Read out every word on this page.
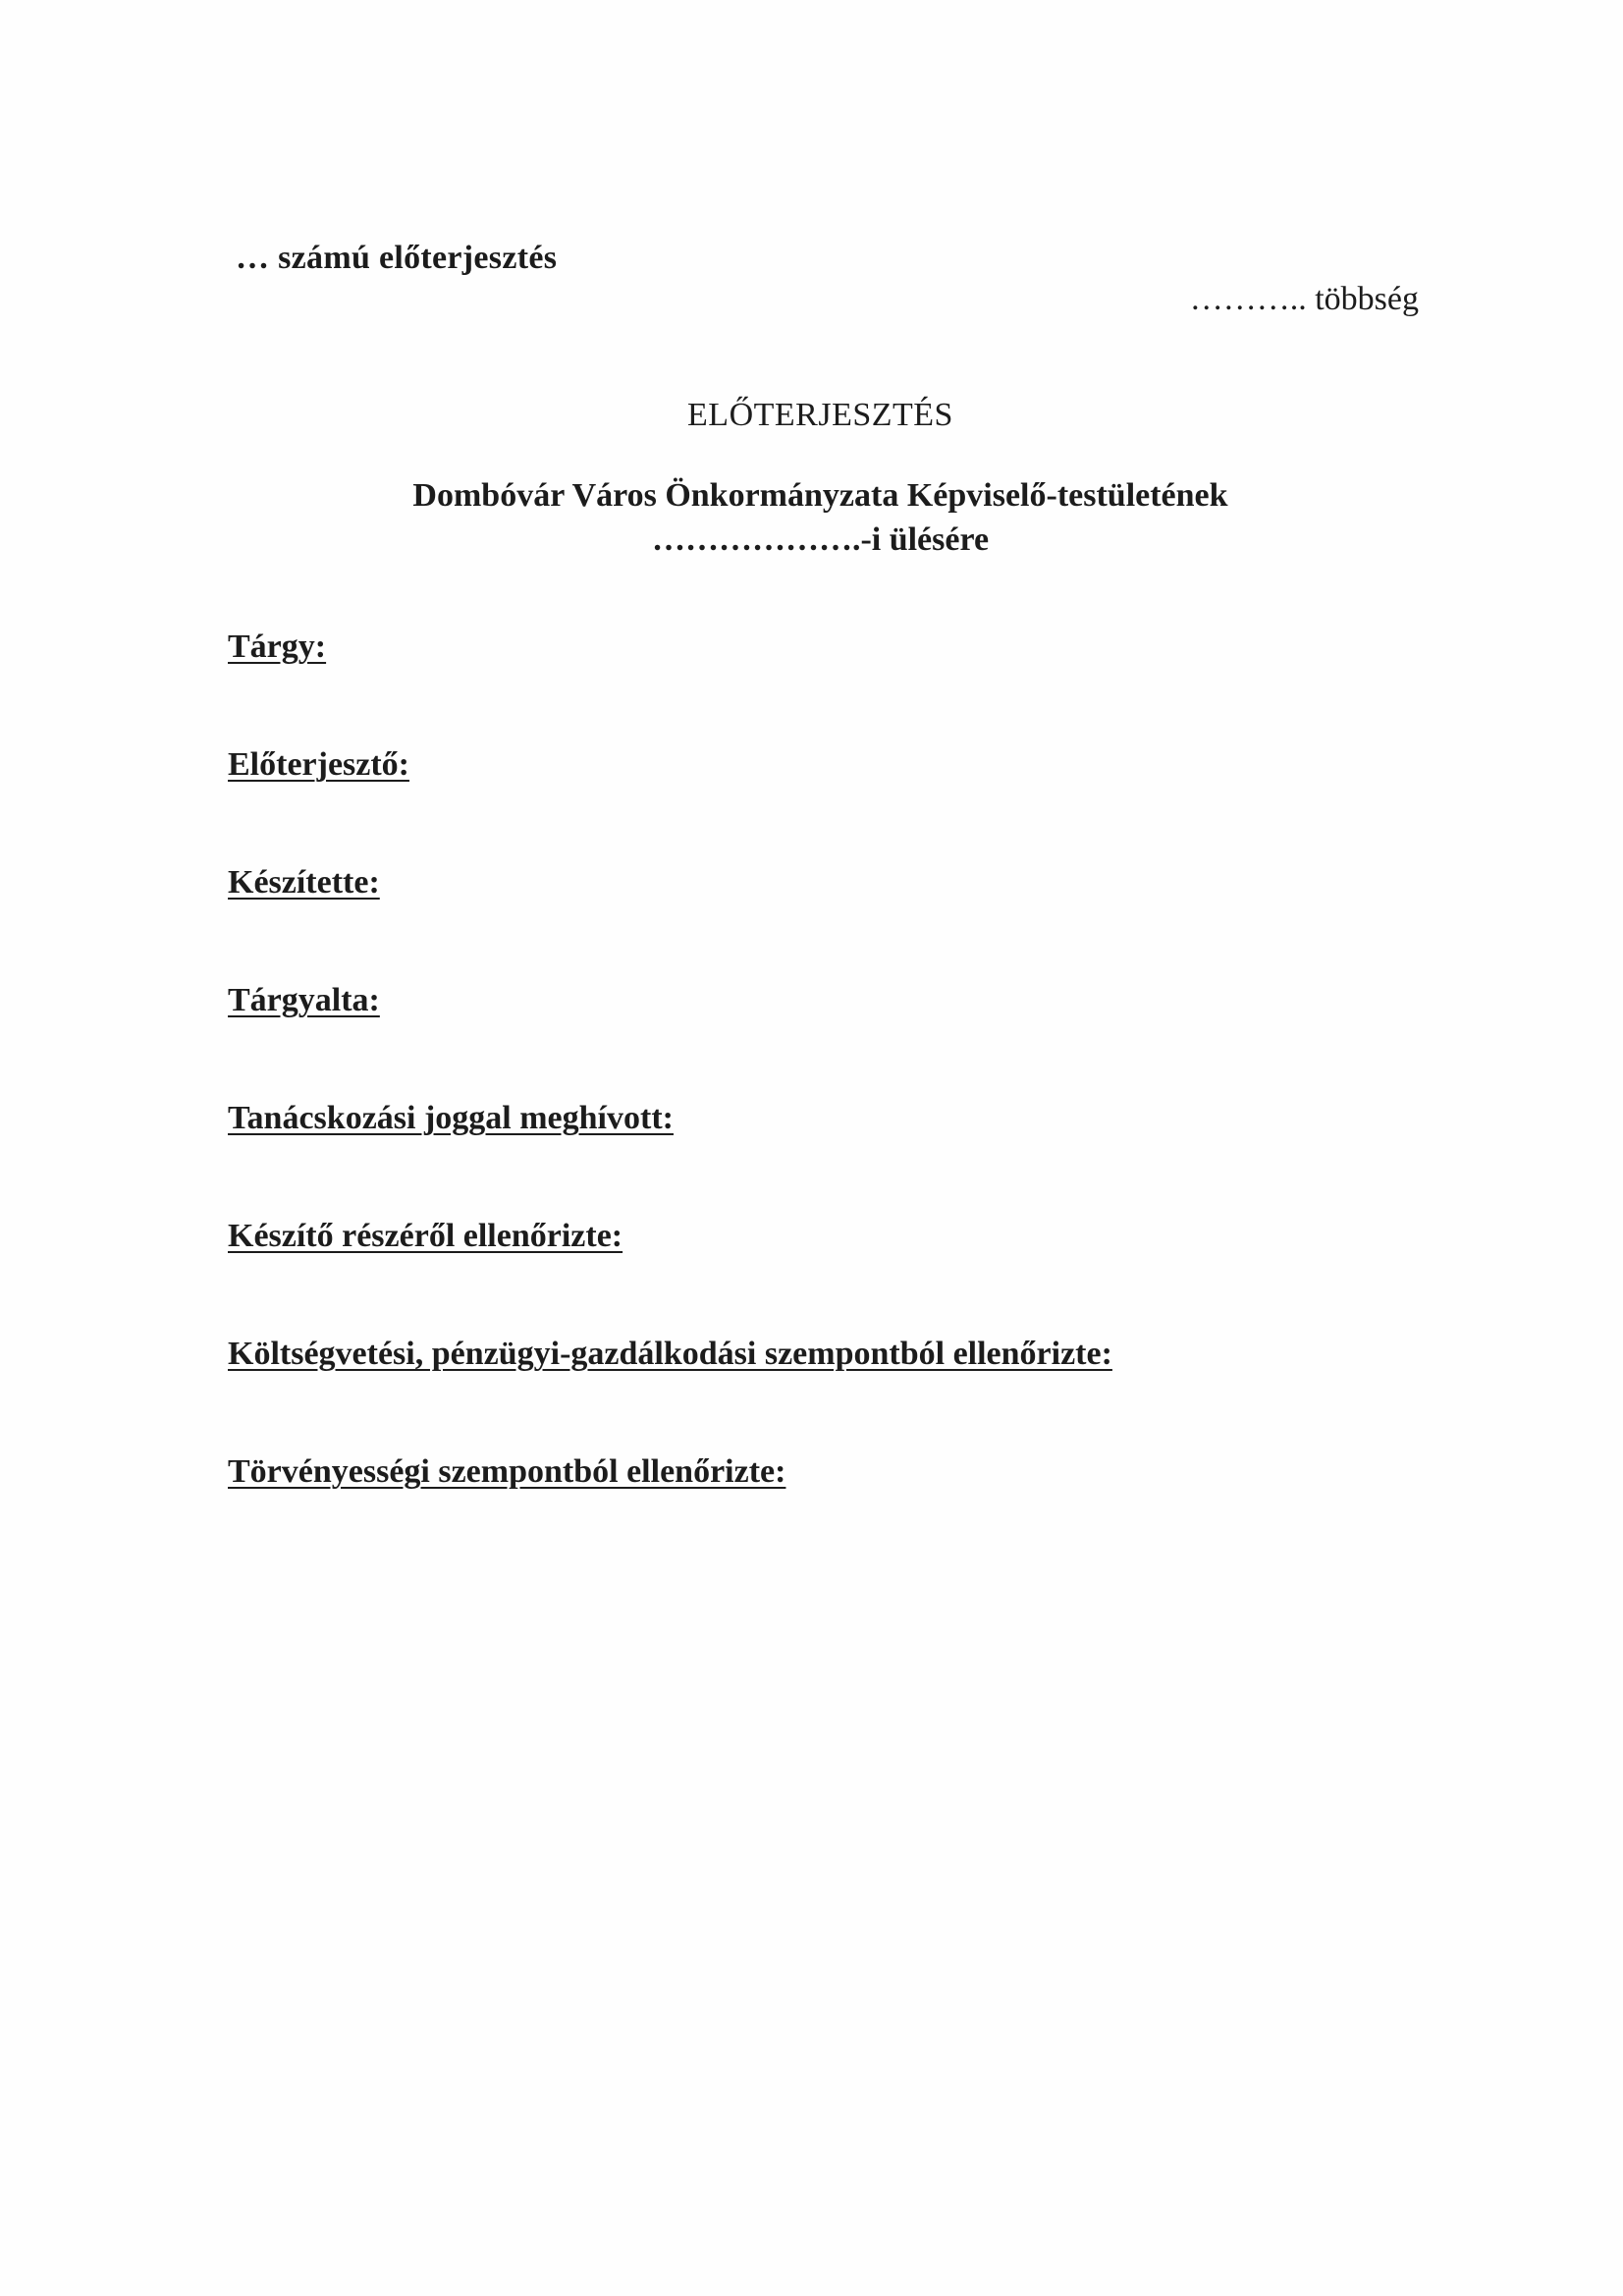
… számú előterjesztés
……….. többség
ELŐTERJESZTÉS
Dombóvár Város Önkormányzata Képviselő-testületének
……………….-i ülésére
Tárgy:
Előterjesztő:
Készítette:
Tárgyalta:
Tanácskozási joggal meghívott:
Készítő részéről ellenőrizte:
Költségvetési, pénzügyi-gazdálkodási szempontból ellenőrizte:
Törvényességi szempontból ellenőrizte:
